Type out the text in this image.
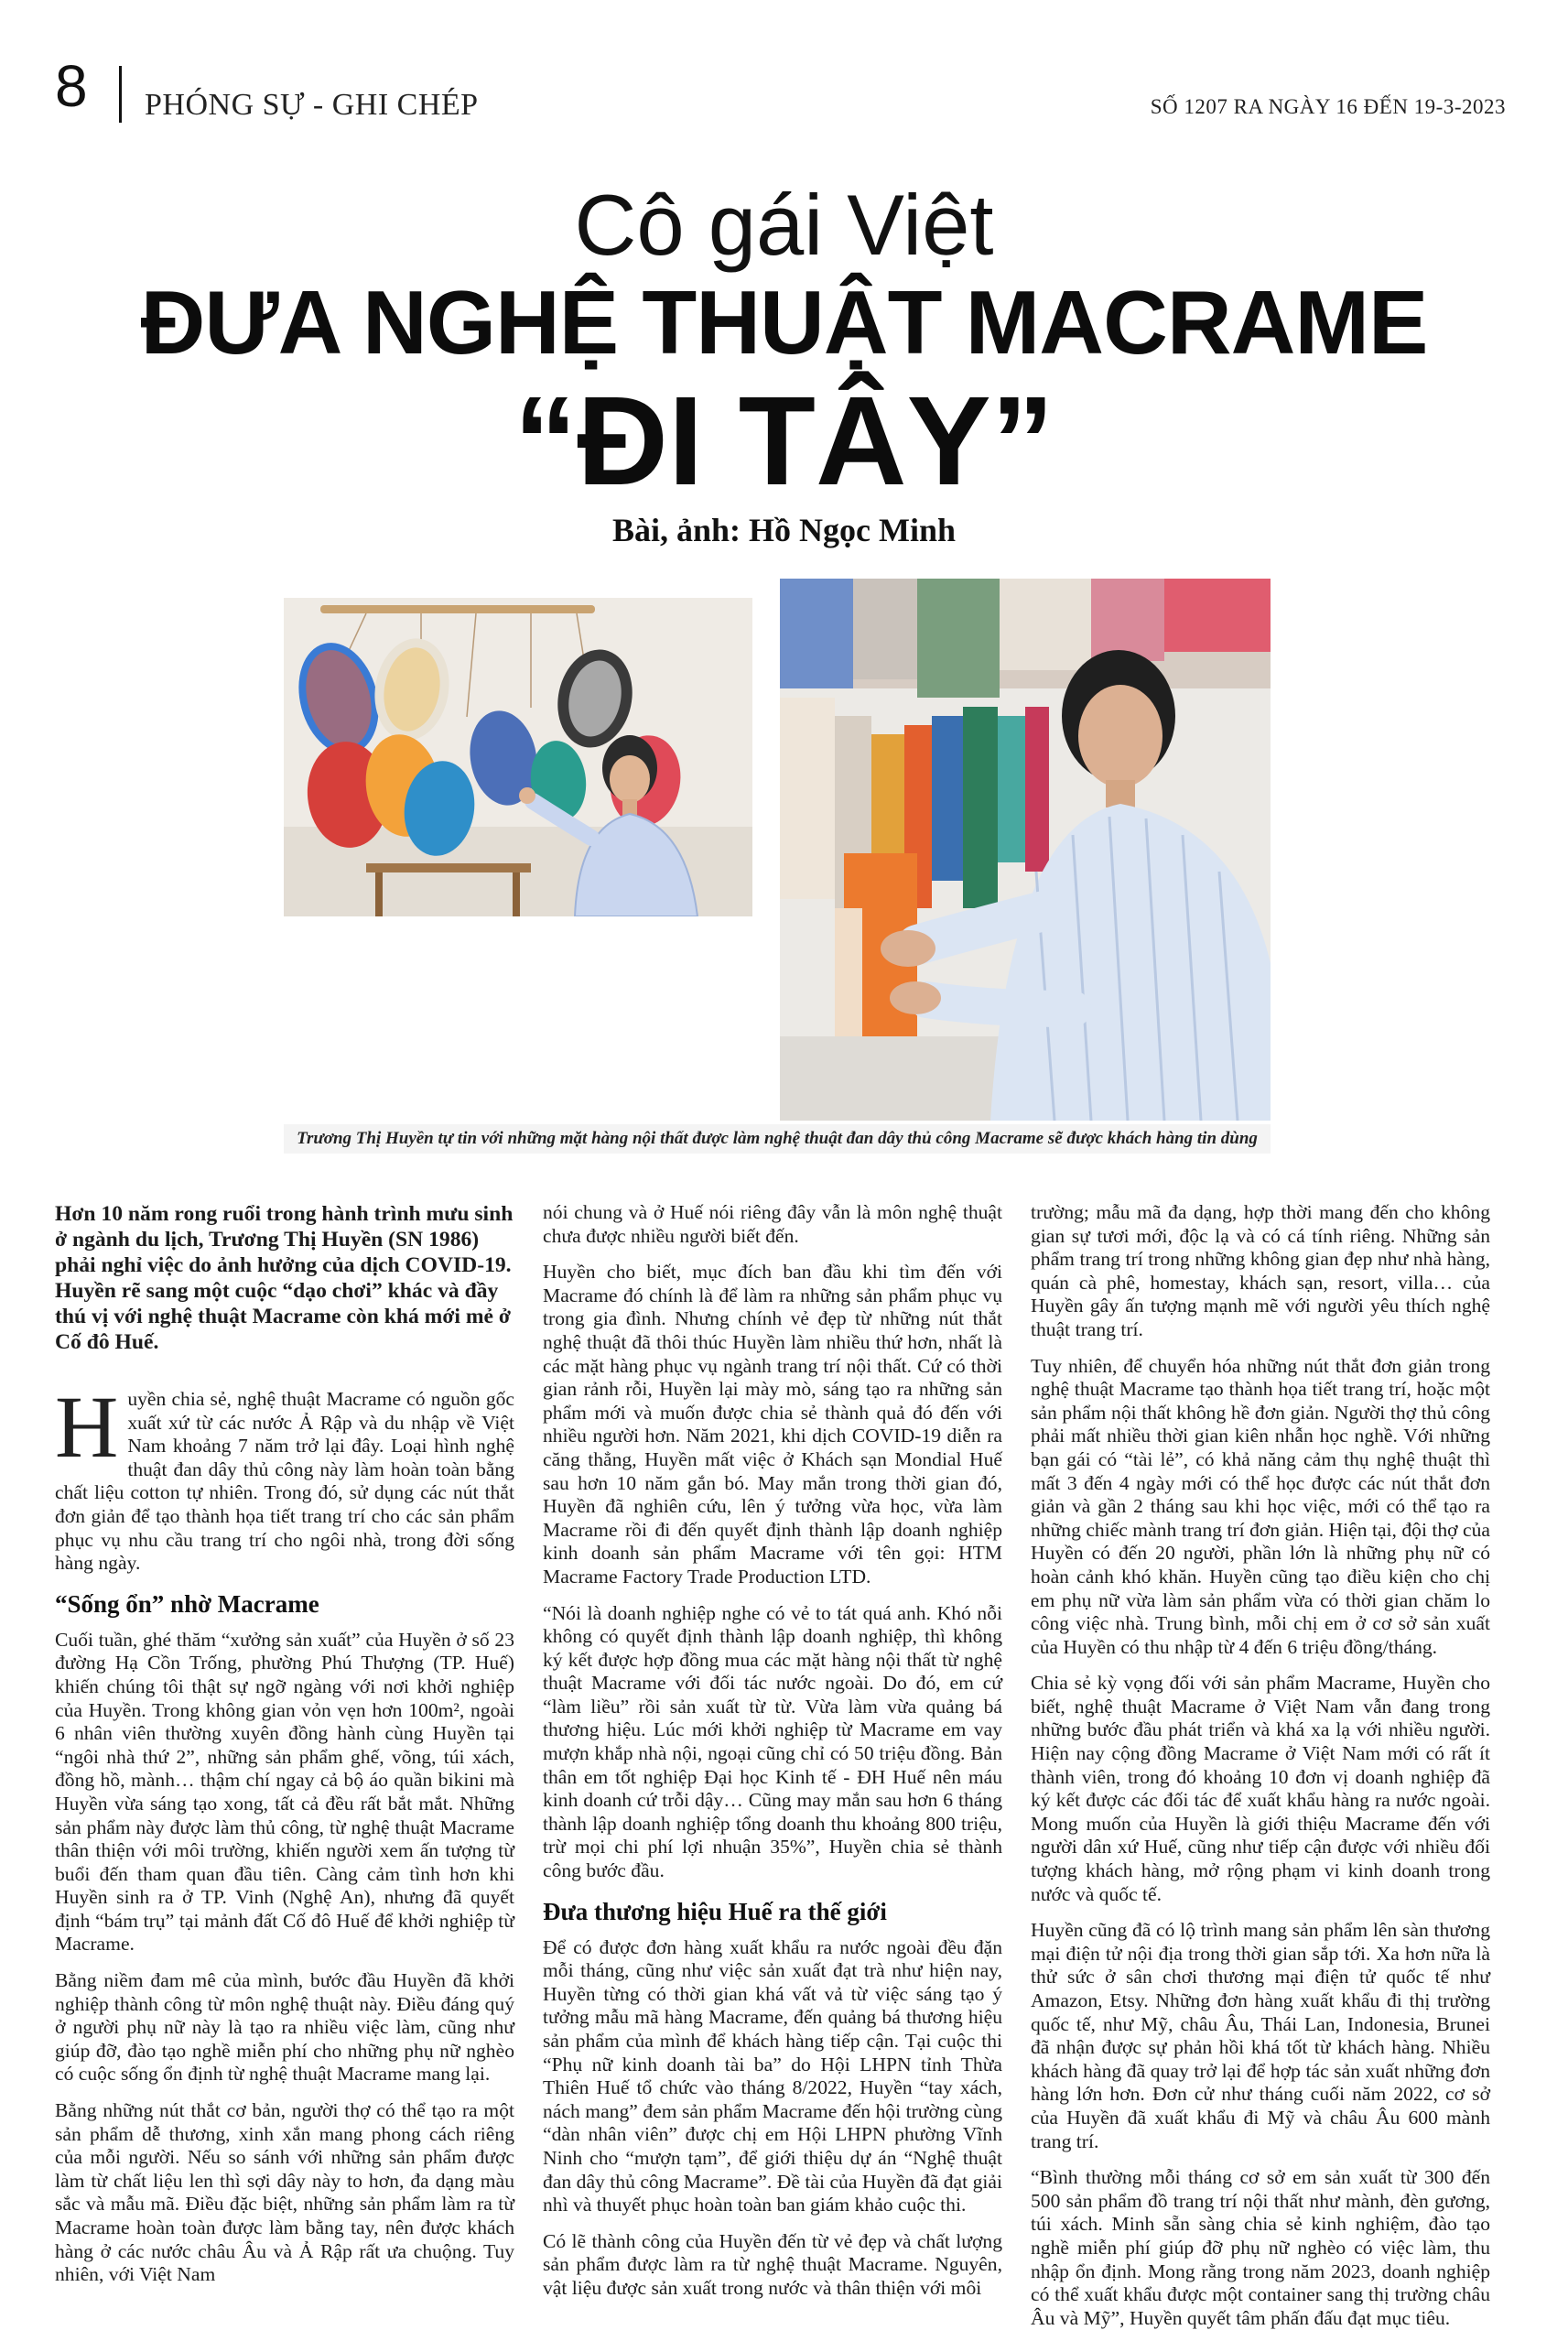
8 PHÓNG SỰ - GHI CHÉP	SỐ 1207 RA NGÀY 16 ĐẾN 19-3-2023
Cô gái Việt
ĐƯA NGHỆ THUẬT MACRAME
“ĐI TÂY”
Bài, ảnh: Hồ Ngọc Minh
Trương Thị Huyền tự tin với những mặt hàng nội thất được làm nghệ thuật đan dây thủ công Macrame sẽ được khách hàng tin dùng

Hơn 10 năm rong ruổi trong hành trình mưu sinh ở ngành du lịch, Trương Thị Huyền (SN 1986) phải nghỉ việc do ảnh hưởng của dịch COVID-19. Huyền rẽ sang một cuộc “dạo chơi” khác và đầy thú vị với nghệ thuật Macrame còn khá mới mẻ ở Cố đô Huế.

Huyền chia sẻ, nghệ thuật Macrame có nguồn gốc xuất xứ từ các nước Ả Rập và du nhập về Việt Nam khoảng 7 năm trở lại đây. Loại hình nghệ thuật đan dây thủ công này làm hoàn toàn bằng chất liệu cotton tự nhiên. Trong đó, sử dụng các nút thắt đơn giản để tạo thành họa tiết trang trí cho các sản phẩm phục vụ nhu cầu trang trí cho ngôi nhà, trong đời sống hàng ngày.

“Sống ổn” nhờ Macrame

Cuối tuần, ghé thăm “xưởng sản xuất” của Huyền ở số 23 đường Hạ Cồn Trống, phường Phú Thượng (TP. Huế) khiến chúng tôi thật sự ngỡ ngàng với nơi khởi nghiệp của Huyền. Trong không gian vỏn vẹn hơn 100m², ngoài 6 nhân viên thường xuyên đồng hành cùng Huyền tại “ngôi nhà thứ 2”, những sản phẩm ghế, võng, túi xách, đồng hồ, mành… thậm chí ngay cả bộ áo quần bikini mà Huyền vừa sáng tạo xong, tất cả đều rất bắt mắt. Những sản phẩm này được làm thủ công, từ nghệ thuật Macrame thân thiện với môi trường, khiến người xem ấn tượng từ buổi đến tham quan đầu tiên. Càng cảm tình hơn khi Huyền sinh ra ở TP. Vinh (Nghệ An), nhưng đã quyết định “bám trụ” tại mảnh đất Cố đô Huế để khởi nghiệp từ Macrame.

Bằng niềm đam mê của mình, bước đầu Huyền đã khởi nghiệp thành công từ môn nghệ thuật này. Điều đáng quý ở người phụ nữ này là tạo ra nhiều việc làm, cũng như giúp đỡ, đào tạo nghề miễn phí cho những phụ nữ nghèo có cuộc sống ổn định từ nghệ thuật Macrame mang lại.

Bằng những nút thắt cơ bản, người thợ có thể tạo ra một sản phẩm dễ thương, xinh xắn mang phong cách riêng của mỗi người. Nếu so sánh với những sản phẩm được làm từ chất liệu len thì sợi dây này to hơn, đa dạng màu sắc và mẫu mã. Điều đặc biệt, những sản phẩm làm ra từ Macrame hoàn toàn được làm bằng tay, nên được khách hàng ở các nước châu Âu và Ả Rập rất ưa chuộng. Tuy nhiên, với Việt Nam

nói chung và ở Huế nói riêng đây vẫn là môn nghệ thuật chưa được nhiều người biết đến.

Huyền cho biết, mục đích ban đầu khi tìm đến với Macrame đó chính là để làm ra những sản phẩm phục vụ trong gia đình. Nhưng chính vẻ đẹp từ những nút thắt nghệ thuật đã thôi thúc Huyền làm nhiều thứ hơn, nhất là các mặt hàng phục vụ ngành trang trí nội thất. Cứ có thời gian rảnh rỗi, Huyền lại mày mò, sáng tạo ra những sản phẩm mới và muốn được chia sẻ thành quả đó đến với nhiều người hơn. Năm 2021, khi dịch COVID-19 diễn ra căng thẳng, Huyền mất việc ở Khách sạn Mondial Huế sau hơn 10 năm gắn bó. May mắn trong thời gian đó, Huyền đã nghiên cứu, lên ý tưởng vừa học, vừa làm Macrame rồi đi đến quyết định thành lập doanh nghiệp kinh doanh sản phẩm Macrame với tên gọi: HTM Macrame Factory Trade Production LTD.

“Nói là doanh nghiệp nghe có vẻ to tát quá anh. Khó nỗi không có quyết định thành lập doanh nghiệp, thì không ký kết được hợp đồng mua các mặt hàng nội thất từ nghệ thuật Macrame với đối tác nước ngoài. Do đó, em cứ “làm liều” rồi sản xuất từ từ. Vừa làm vừa quảng bá thương hiệu. Lúc mới khởi nghiệp từ Macrame em vay mượn khắp nhà nội, ngoại cũng chỉ có 50 triệu đồng. Bản thân em tốt nghiệp Đại học Kinh tế - ĐH Huế nên máu kinh doanh cứ trỗi dậy… Cũng may mắn sau hơn 6 tháng thành lập doanh nghiệp tổng doanh thu khoảng 800 triệu, trừ mọi chi phí lợi nhuận 35%”, Huyền chia sẻ thành công bước đầu.

Đưa thương hiệu Huế ra thế giới

Để có được đơn hàng xuất khẩu ra nước ngoài đều đặn mỗi tháng, cũng như việc sản xuất đạt trà như hiện nay, Huyền từng có thời gian khá vất vả từ việc sáng tạo ý tưởng mẫu mã hàng Macrame, đến quảng bá thương hiệu sản phẩm của mình để khách hàng tiếp cận. Tại cuộc thi “Phụ nữ kinh doanh tài ba” do Hội LHPN tỉnh Thừa Thiên Huế tổ chức vào tháng 8/2022, Huyền “tay xách, nách mang” đem sản phẩm Macrame đến hội trường cùng “dàn nhân viên” được chị em Hội LHPN phường Vĩnh Ninh cho “mượn tạm”, để giới thiệu dự án “Nghệ thuật đan dây thủ công Macrame”. Đề tài của Huyền đã đạt giải nhì và thuyết phục hoàn toàn ban giám khảo cuộc thi.

Có lẽ thành công của Huyền đến từ vẻ đẹp và chất lượng sản phẩm được làm ra từ nghệ thuật Macrame. Nguyên, vật liệu được sản xuất trong nước và thân thiện với môi

trường; mẫu mã đa dạng, hợp thời mang đến cho không gian sự tươi mới, độc lạ và có cá tính riêng. Những sản phẩm trang trí trong những không gian đẹp như nhà hàng, quán cà phê, homestay, khách sạn, resort, villa… của Huyền gây ấn tượng mạnh mẽ với người yêu thích nghệ thuật trang trí.

Tuy nhiên, để chuyển hóa những nút thắt đơn giản trong nghệ thuật Macrame tạo thành họa tiết trang trí, hoặc một sản phẩm nội thất không hề đơn giản. Người thợ thủ công phải mất nhiều thời gian kiên nhẫn học nghề. Với những bạn gái có “tài lẻ”, có khả năng cảm thụ nghệ thuật thì mất 3 đến 4 ngày mới có thể học được các nút thắt đơn giản và gần 2 tháng sau khi học việc, mới có thể tạo ra những chiếc mành trang trí đơn giản. Hiện tại, đội thợ của Huyền có đến 20 người, phần lớn là những phụ nữ có hoàn cảnh khó khăn. Huyền cũng tạo điều kiện cho chị em phụ nữ vừa làm sản phẩm vừa có thời gian chăm lo công việc nhà. Trung bình, mỗi chị em ở cơ sở sản xuất của Huyền có thu nhập từ 4 đến 6 triệu đồng/tháng.

Chia sẻ kỳ vọng đối với sản phẩm Macrame, Huyền cho biết, nghệ thuật Macrame ở Việt Nam vẫn đang trong những bước đầu phát triển và khá xa lạ với nhiều người. Hiện nay cộng đồng Macrame ở Việt Nam mới có rất ít thành viên, trong đó khoảng 10 đơn vị doanh nghiệp đã ký kết được các đối tác để xuất khẩu hàng ra nước ngoài. Mong muốn của Huyền là giới thiệu Macrame đến với người dân xứ Huế, cũng như tiếp cận được với nhiều đối tượng khách hàng, mở rộng phạm vi kinh doanh trong nước và quốc tế.

Huyền cũng đã có lộ trình mang sản phẩm lên sàn thương mại điện tử nội địa trong thời gian sắp tới. Xa hơn nữa là thử sức ở sân chơi thương mại điện tử quốc tế như Amazon, Etsy. Những đơn hàng xuất khẩu đi thị trường quốc tế, như Mỹ, châu Âu, Thái Lan, Indonesia, Brunei đã nhận được sự phản hồi khá tốt từ khách hàng. Nhiều khách hàng đã quay trở lại để hợp tác sản xuất những đơn hàng lớn hơn. Đơn cử như tháng cuối năm 2022, cơ sở của Huyền đã xuất khẩu đi Mỹ và châu Âu 600 mành trang trí.

“Bình thường mỗi tháng cơ sở em sản xuất từ 300 đến 500 sản phẩm đồ trang trí nội thất như mành, đèn gương, túi xách. Minh sẵn sàng chia sẻ kinh nghiệm, đào tạo nghề miễn phí giúp đỡ phụ nữ nghèo có việc làm, thu nhập ổn định. Mong rằng trong năm 2023, doanh nghiệp có thể xuất khẩu được một container sang thị trường châu Âu và Mỹ”, Huyền quyết tâm phấn đấu đạt mục tiêu.
